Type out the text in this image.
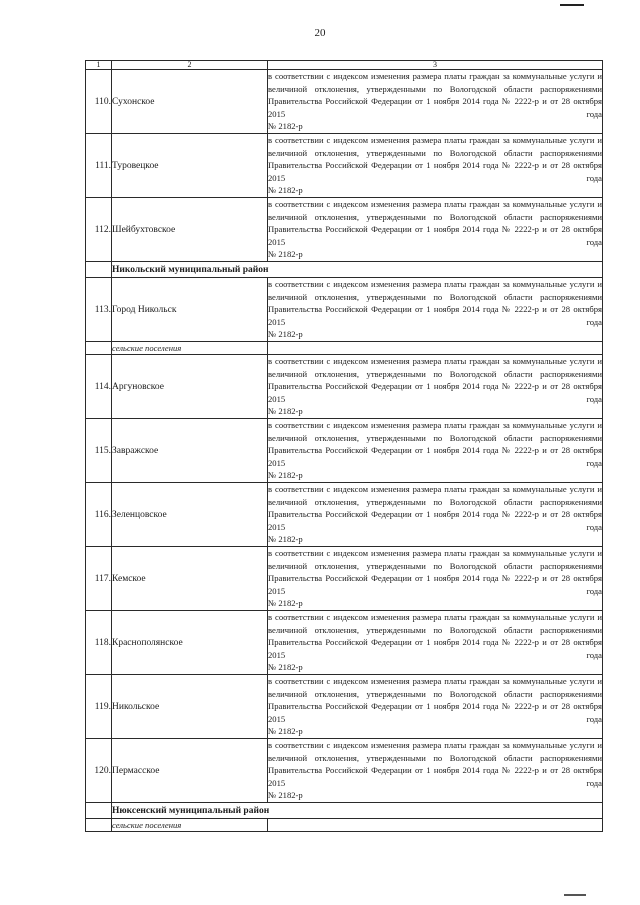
20
1	2	3
110.	Сухонское	в соответствии с индексом изменения размера платы граждан за коммунальные услуги и величиной отклонения, утвержденными по Вологодской области распоряжениями Правительства Российской Федерации от 1 ноября 2014 года № 2222-р и от 28 октября 2015 года
№ 2182-р

111.	Туровецкое	в соответствии с индексом изменения размера платы граждан за коммунальные услуги и величиной отклонения, утвержденными по Вологодской области распоряжениями Правительства Российской Федерации от 1 ноября 2014 года № 2222-р и от 28 октября 2015 года
№ 2182-р

112.	Шейбухтовское	в соответствии с индексом изменения размера платы граждан за коммунальные услуги и величиной отклонения, утвержденными по Вологодской области распоряжениями Правительства Российской Федерации от 1 ноября 2014 года № 2222-р и от 28 октября 2015 года
№ 2182-р

	Никольский муниципальный район	
113.	Город Никольск	в соответствии с индексом изменения размера платы граждан за коммунальные услуги и величиной отклонения, утвержденными по Вологодской области распоряжениями Правительства Российской Федерации от 1 ноября 2014 года № 2222-р и от 28 октября 2015 года
№ 2182-р

	сельские поселения	
114.	Аргуновское	в соответствии с индексом изменения размера платы граждан за коммунальные услуги и величиной отклонения, утвержденными по Вологодской области распоряжениями Правительства Российской Федерации от 1 ноября 2014 года № 2222-р и от 28 октября 2015 года
№ 2182-р

115.	Завражское	в соответствии с индексом изменения размера платы граждан за коммунальные услуги и величиной отклонения, утвержденными по Вологодской области распоряжениями Правительства Российской Федерации от 1 ноября 2014 года № 2222-р и от 28 октября 2015 года
№ 2182-р

116.	Зеленцовское	в соответствии с индексом изменения размера платы граждан за коммунальные услуги и величиной отклонения, утвержденными по Вологодской области распоряжениями Правительства Российской Федерации от 1 ноября 2014 года № 2222-р и от 28 октября 2015 года
№ 2182-р

117.	Кемское	в соответствии с индексом изменения размера платы граждан за коммунальные услуги и величиной отклонения, утвержденными по Вологодской области распоряжениями Правительства Российской Федерации от 1 ноября 2014 года № 2222-р и от 28 октября 2015 года
№ 2182-р

118.	Краснополянское	в соответствии с индексом изменения размера платы граждан за коммунальные услуги и величиной отклонения, утвержденными по Вологодской области распоряжениями Правительства Российской Федерации от 1 ноября 2014 года № 2222-р и от 28 октября 2015 года
№ 2182-р

119.	Никольское	в соответствии с индексом изменения размера платы граждан за коммунальные услуги и величиной отклонения, утвержденными по Вологодской области распоряжениями Правительства Российской Федерации от 1 ноября 2014 года № 2222-р и от 28 октября 2015 года
№ 2182-р

120.	Пермасское	в соответствии с индексом изменения размера платы граждан за коммунальные услуги и величиной отклонения, утвержденными по Вологодской области распоряжениями Правительства Российской Федерации от 1 ноября 2014 года № 2222-р и от 28 октября 2015 года
№ 2182-р

	Нюксенский муниципальный район	
	сельские поселения	
